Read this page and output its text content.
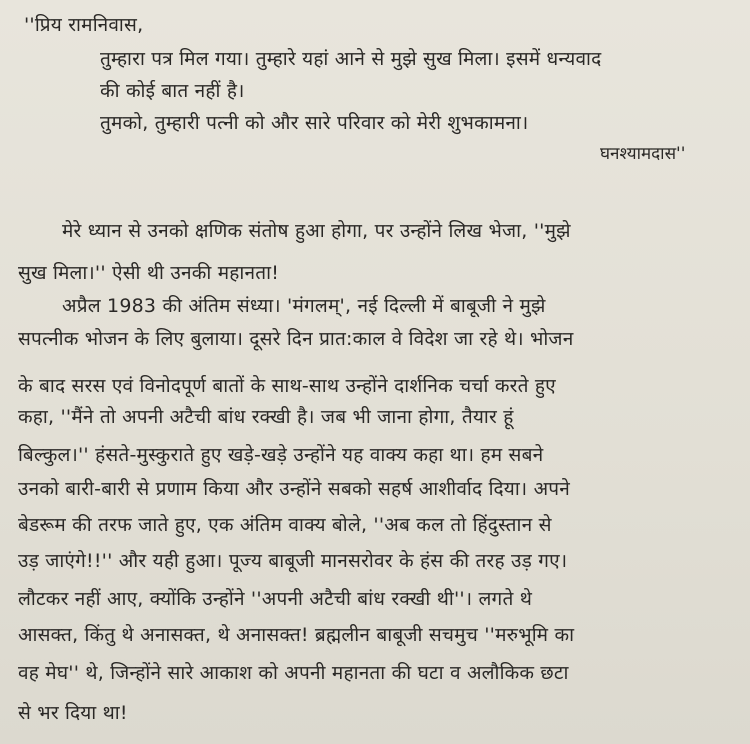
''प्रिय रामनिवास,
तुम्हारा पत्र मिल गया। तुम्हारे यहां आने से मुझे सुख मिला। इसमें धन्यवाद
की कोई बात नहीं है।
तुमको, तुम्हारी पत्नी को और सारे परिवार को मेरी शुभकामना।
घनश्यामदास''
मेरे ध्यान से उनको क्षणिक संतोष हुआ होगा, पर उन्होंने लिख भेजा, ''मुझे
सुख मिला।'' ऐसी थी उनकी महानता!
अप्रैल 1983 की अंतिम संध्या। 'मंगलम्', नई दिल्ली में बाबूजी ने मुझे
सपत्नीक भोजन के लिए बुलाया। दूसरे दिन प्रात:काल वे विदेश जा रहे थे। भोजन
के बाद सरस एवं विनोदपूर्ण बातों के साथ-साथ उन्होंने दार्शनिक चर्चा करते हुए
कहा, ''मैंने तो अपनी अटैची बांध रक्खी है। जब भी जाना होगा, तैयार हूं
बिल्कुल।'' हंसते-मुस्कुराते हुए खड़े-खड़े उन्होंने यह वाक्य कहा था। हम सबने
उनको बारी-बारी से प्रणाम किया और उन्होंने सबको सहर्ष आशीर्वाद दिया। अपने
बेडरूम की तरफ जाते हुए, एक अंतिम वाक्य बोले, ''अब कल तो हिंदुस्तान से
उड़ जाएंगे!!'' और यही हुआ। पूज्य बाबूजी मानसरोवर के हंस की तरह उड़ गए।
लौटकर नहीं आए, क्योंकि उन्होंने ''अपनी अटैची बांध रक्खी थी''। लगते थे
आसक्त, किंतु थे अनासक्त, थे अनासक्त! ब्रह्मलीन बाबूजी सचमुच ''मरुभूमि का
वह मेघ'' थे, जिन्होंने सारे आकाश को अपनी महानता की घटा व अलौकिक छटा
से भर दिया था!
